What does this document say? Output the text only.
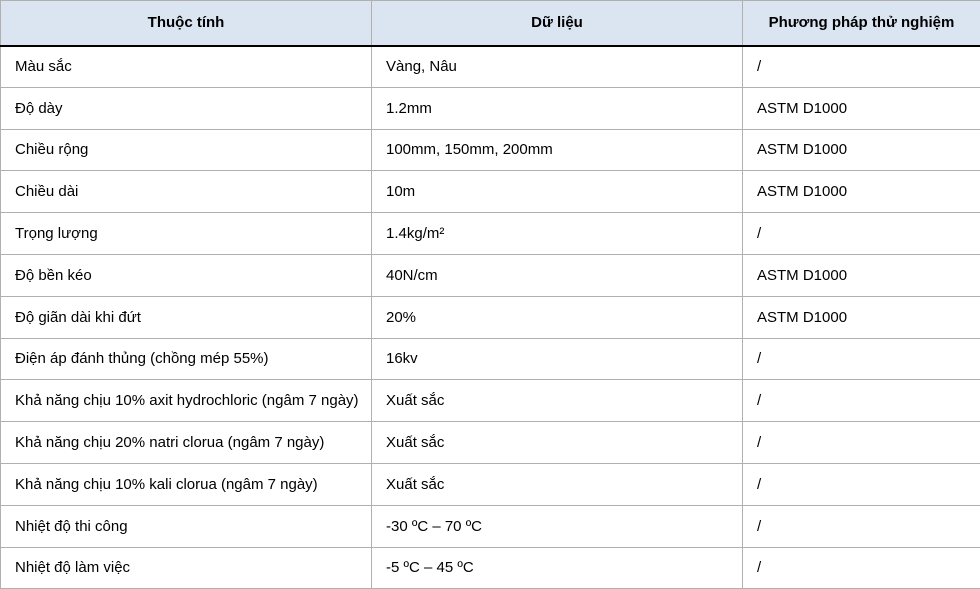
Thuộc tính	Dữ liệu	Phương pháp thử nghiệm
Màu sắc	Vàng, Nâu	/
Độ dày	1.2mm	ASTM D1000
Chiều rộng	100mm, 150mm, 200mm	ASTM D1000
Chiều dài	10m	ASTM D1000
Trọng lượng	1.4kg/m²	/
Độ bền kéo	40N/cm	ASTM D1000
Độ giãn dài khi đứt	20%	ASTM D1000
Điện áp đánh thủng (chồng mép 55%)	16kv	/
Khả năng chịu 10% axit hydrochloric (ngâm 7 ngày)	Xuất sắc	/
Khả năng chịu 20% natri clorua (ngâm 7 ngày)	Xuất sắc	/
Khả năng chịu 10% kali clorua (ngâm 7 ngày)	Xuất sắc	/
Nhiệt độ thi công	-30 ºC – 70 ºC	/
Nhiệt độ làm việc	-5 ºC – 45 ºC	/
